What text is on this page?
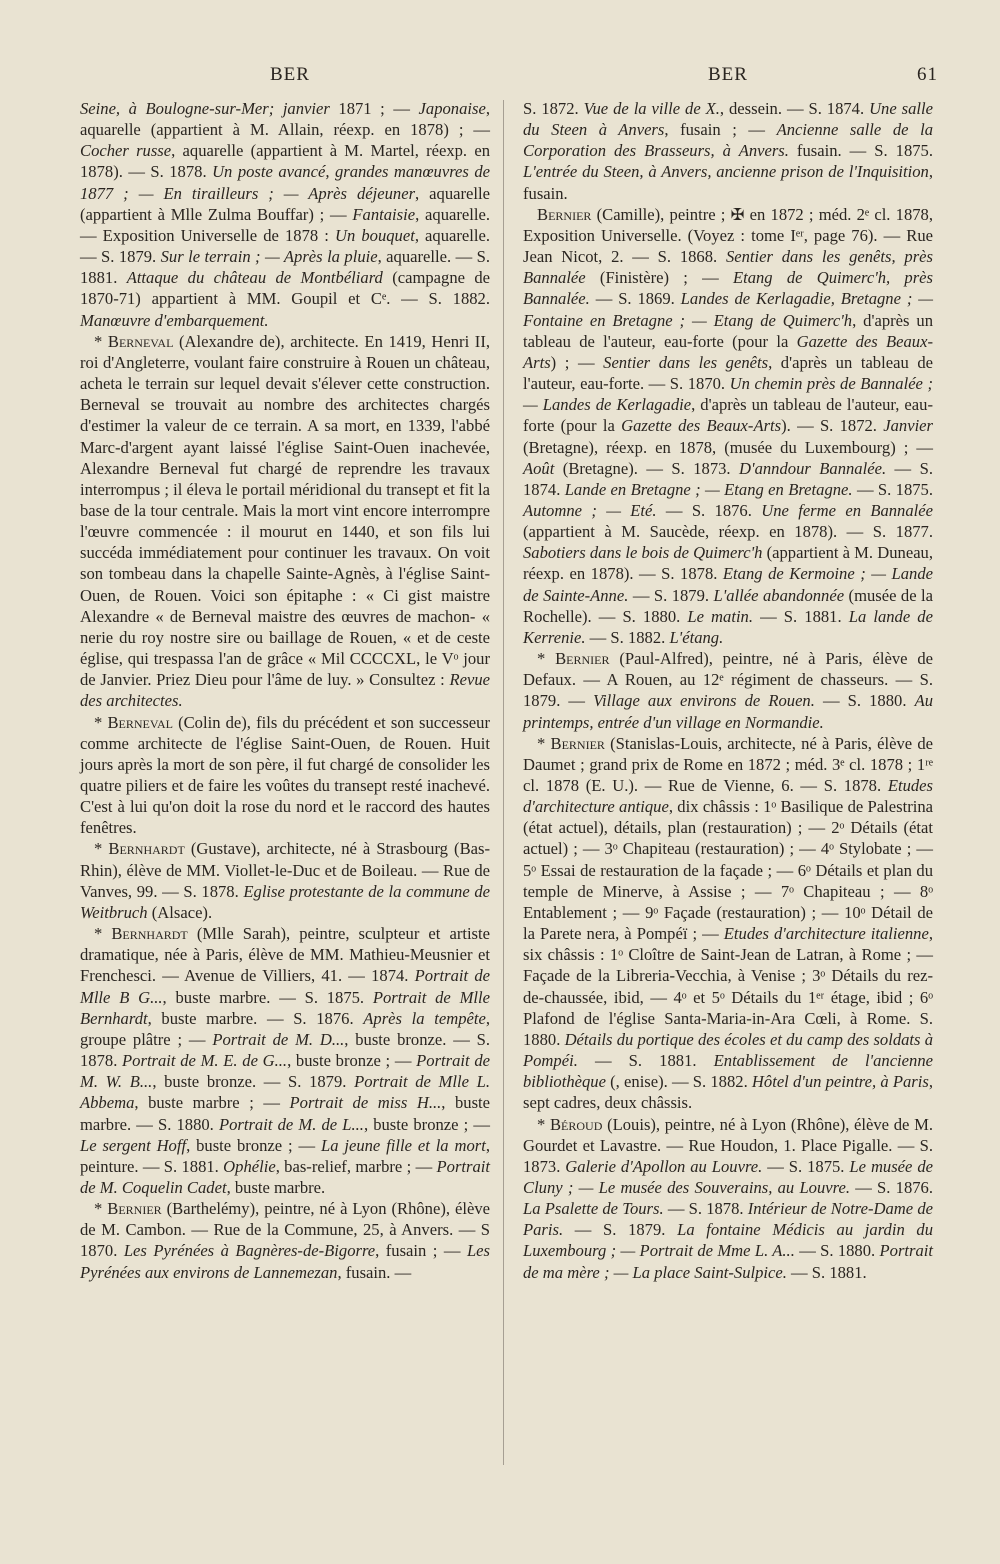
BER	BER	61

Seine, à Boulogne-sur-Mer; janvier 1871 ; — Japonaise, aquarelle (appartient à M. Allain, réexp. en 1878) ; — Cocher russe, aquarelle (appartient à M. Martel, réexp. en 1878). — S. 1878. Un poste avancé, grandes manœuvres de 1877 ; — En tirailleurs ; — Après déjeuner, aquarelle (appartient à Mlle Zulma Bouffar) ; — Fantaisie, aquarelle. — Exposition Universelle de 1878 : Un bouquet, aquarelle. — S. 1879. Sur le terrain ; — Après la pluie, aquarelle. — S. 1881. Attaque du château de Montbéliard (campagne de 1870-71) appartient à MM. Goupil et Cᵉ. — S. 1882. Manœuvre d'embarquement.

* Berneval (Alexandre de), architecte. En 1419, Henri II, roi d'Angleterre, voulant faire construire à Rouen un château, acheta le terrain sur lequel devait s'élever cette construction. Berneval se trouvait au nombre des architectes chargés d'estimer la valeur de ce terrain. A sa mort, en 1339, l'abbé Marc-d'argent ayant laissé l'église Saint-Ouen inachevée, Alexandre Berneval fut chargé de reprendre les travaux interrompus ; il éleva le portail méridional du transept et fit la base de la tour centrale. Mais la mort vint encore interrompre l'œuvre commencée : il mourut en 1440, et son fils lui succéda immédiatement pour continuer les travaux. On voit son tombeau dans la chapelle Sainte-Agnès, à l'église Saint-Ouen, de Rouen. Voici son épitaphe : « Ci gist maistre Alexandre « de Berneval maistre des œuvres de machon- « nerie du roy nostre sire ou baillage de Rouen, « et de ceste église, qui trespassa l'an de grâce « Mil CCCCXL, le Vᵒ jour de Janvier. Priez Dieu pour l'âme de luy. » Consultez : Revue des architectes.

* Berneval (Colin de), fils du précédent et son successeur comme architecte de l'église Saint-Ouen, de Rouen. Huit jours après la mort de son père, il fut chargé de consolider les quatre piliers et de faire les voûtes du transept resté inachevé. C'est à lui qu'on doit la rose du nord et le raccord des hautes fenêtres.

* Bernhardt (Gustave), architecte, né à Strasbourg (Bas-Rhin), élève de MM. Viollet-le-Duc et de Boileau. — Rue de Vanves, 99. — S. 1878. Eglise protestante de la commune de Weitbruch (Alsace).

* Bernhardt (Mlle Sarah), peintre, sculpteur et artiste dramatique, née à Paris, élève de MM. Mathieu-Meusnier et Frenchesci. — Avenue de Villiers, 41. — 1874. Portrait de Mlle B G..., buste marbre. — S. 1875. Portrait de Mlle Bernhardt, buste marbre. — S. 1876. Après la tempête, groupe plâtre ; — Portrait de M. D..., buste bronze. — S. 1878. Portrait de M. E. de G..., buste bronze ; — Portrait de M. W. B..., buste bronze. — S. 1879. Portrait de Mlle L. Abbema, buste marbre ; — Portrait de miss H..., buste marbre. — S. 1880. Portrait de M. de L..., buste bronze ; — Le sergent Hoff, buste bronze ; — La jeune fille et la mort, peinture. — S. 1881. Ophélie, bas-relief, marbre ; — Portrait de M. Coquelin Cadet, buste marbre.

* Bernier (Barthelémy), peintre, né à Lyon (Rhône), élève de M. Cambon. — Rue de la Commune, 25, à Anvers. — S 1870. Les Pyrénées à Bagnères-de-Bigorre, fusain ; — Les Pyrénées aux environs de Lannemezan, fusain. —

S. 1872. Vue de la ville de X., dessein. — S. 1874. Une salle du Steen à Anvers, fusain ; — Ancienne salle de la Corporation des Brasseurs, à Anvers. fusain. — S. 1875. L'entrée du Steen, à Anvers, ancienne prison de l'Inquisition, fusain.

Bernier (Camille), peintre ; ✠ en 1872 ; méd. 2ᵉ cl. 1878, Exposition Universelle. (Voyez : tome Iᵉʳ, page 76). — Rue Jean Nicot, 2. — S. 1868. Sentier dans les genêts, près Bannalée (Finistère) ; — Etang de Quimerc'h, près Bannalée. — S. 1869. Landes de Kerlagadie, Bretagne ; — Fontaine en Bretagne ; — Etang de Quimerc'h, d'après un tableau de l'auteur, eau-forte (pour la Gazette des Beaux-Arts) ; — Sentier dans les genêts, d'après un tableau de l'auteur, eau-forte. — S. 1870. Un chemin près de Bannalée ; — Landes de Kerlagadie, d'après un tableau de l'auteur, eau-forte (pour la Gazette des Beaux-Arts). — S. 1872. Janvier (Bretagne), réexp. en 1878, (musée du Luxembourg) ; — Août (Bretagne). — S. 1873. D'anndour Bannalée. — S. 1874. Lande en Bretagne ; — Etang en Bretagne. — S. 1875. Automne ; — Eté. — S. 1876. Une ferme en Bannalée (appartient à M. Saucède, réexp. en 1878). — S. 1877. Sabotiers dans le bois de Quimerc'h (appartient à M. Duneau, réexp. en 1878). — S. 1878. Etang de Kermoine ; — Lande de Sainte-Anne. — S. 1879. L'allée abandonnée (musée de la Rochelle). — S. 1880. Le matin. — S. 1881. La lande de Kerrenie. — S. 1882. L'étang.

* Bernier (Paul-Alfred), peintre, né à Paris, élève de Defaux. — A Rouen, au 12ᵉ régiment de chasseurs. — S. 1879. — Village aux environs de Rouen. — S. 1880. Au printemps, entrée d'un village en Normandie.

* Bernier (Stanislas-Louis, architecte, né à Paris, élève de Daumet ; grand prix de Rome en 1872 ; méd. 3ᵉ cl. 1878 ; 1ʳᵉ cl. 1878 (E. U.). — Rue de Vienne, 6. — S. 1878. Etudes d'architecture antique, dix châssis : 1ᵒ Basilique de Palestrina (état actuel), détails, plan (restauration) ; — 2ᵒ Détails (état actuel) ; — 3ᵒ Chapiteau (restauration) ; — 4ᵒ Stylobate ; — 5ᵒ Essai de restauration de la façade ; — 6ᵒ Détails et plan du temple de Minerve, à Assise ; — 7ᵒ Chapiteau ; — 8ᵒ Entablement ; — 9ᵒ Façade (restauration) ; — 10ᵒ Détail de la Parete nera, à Pompéï ; — Etudes d'architecture italienne, six châssis : 1ᵒ Cloître de Saint-Jean de Latran, à Rome ; — Façade de la Libreria-Vecchia, à Venise ; 3ᵒ Détails du rez-de-chaussée, ibid, — 4ᵒ et 5ᵒ Détails du 1ᵉʳ étage, ibid ; 6ᵒ Plafond de l'église Santa-Maria-in-Ara Cœli, à Rome. S. 1880. Détails du portique des écoles et du camp des soldats à Pompéi. — S. 1881. Entablissement de l'ancienne bibliothèque (, enise). — S. 1882. Hôtel d'un peintre, à Paris, sept cadres, deux châssis.

* Béroud (Louis), peintre, né à Lyon (Rhône), élève de M. Gourdet et Lavastre. — Rue Houdon, 1. Place Pigalle. — S. 1873. Galerie d'Apollon au Louvre. — S. 1875. Le musée de Cluny ; — Le musée des Souverains, au Louvre. — S. 1876. La Psalette de Tours. — S. 1878. Intérieur de Notre-Dame de Paris. — S. 1879. La fontaine Médicis au jardin du Luxembourg ; — Portrait de Mme L. A... — S. 1880. Portrait de ma mère ; — La place Saint-Sulpice. — S. 1881.
